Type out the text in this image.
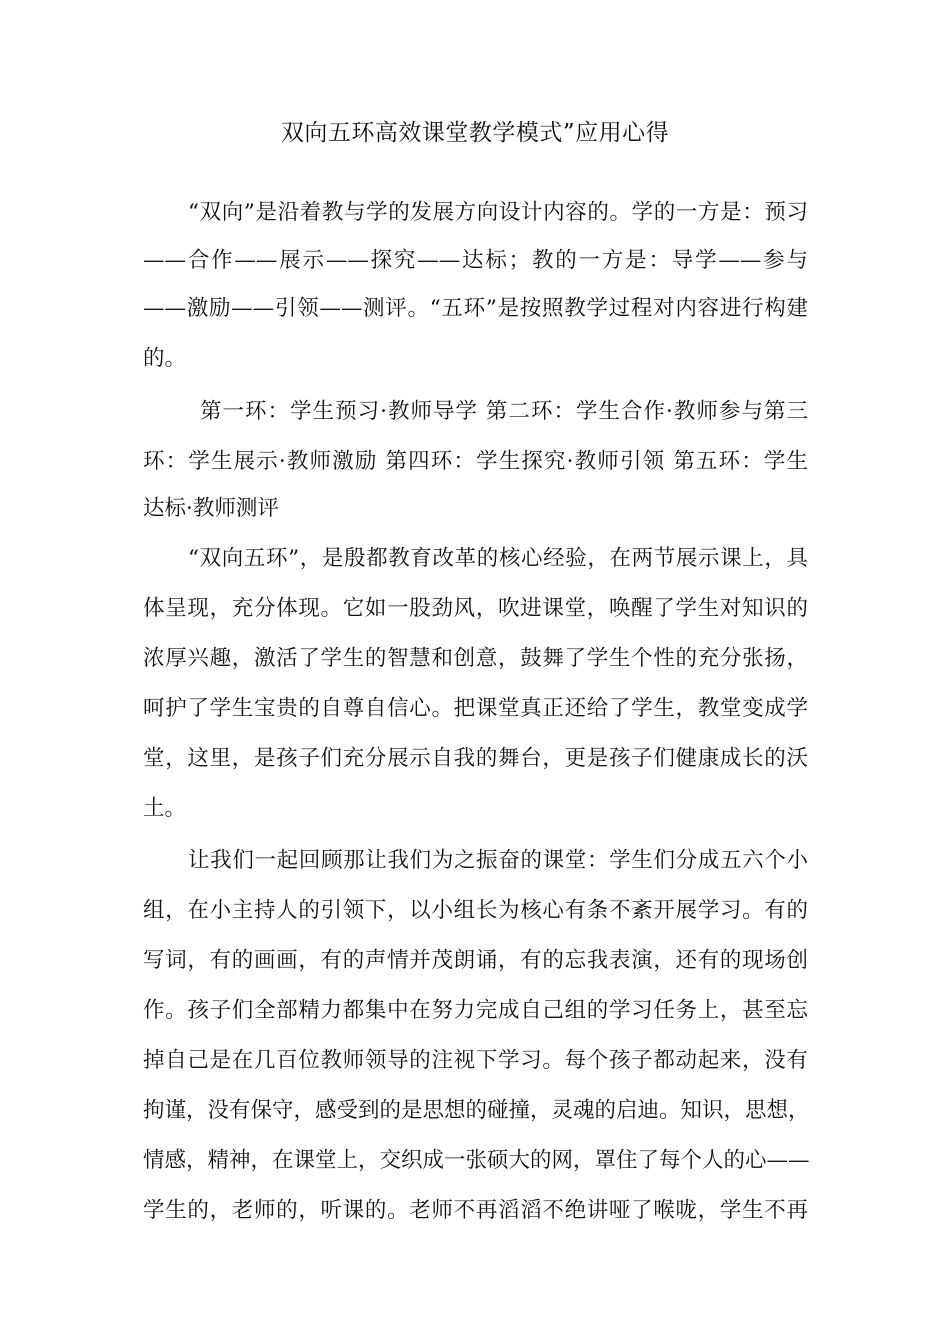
双向五环高效课堂教学模式”应用心得
“双向”是沿着教与学的发展方向设计内容的。学的一方是：预习
——合作——展示——探究——达标；教的一方是：导学——参与
——激励——引领——测评。“五环”是按照教学过程对内容进行构建
的。
第一环：学生预习·教师导学 第二环：学生合作·教师参与第三
环：学生展示·教师激励 第四环：学生探究·教师引领 第五环：学生
达标·教师测评
“双向五环”，是殷都教育改革的核心经验，在两节展示课上，具
体呈现，充分体现。它如一股劲风，吹进课堂，唤醒了学生对知识的
浓厚兴趣，激活了学生的智慧和创意，鼓舞了学生个性的充分张扬，
呵护了学生宝贵的自尊自信心。把课堂真正还给了学生，教堂变成学
堂，这里，是孩子们充分展示自我的舞台，更是孩子们健康成长的沃
土。
让我们一起回顾那让我们为之振奋的课堂：学生们分成五六个小
组，在小主持人的引领下，以小组长为核心有条不紊开展学习。有的
写词，有的画画，有的声情并茂朗诵，有的忘我表演，还有的现场创
作。孩子们全部精力都集中在努力完成自己组的学习任务上，甚至忘
掉自己是在几百位教师领导的注视下学习。每个孩子都动起来，没有
拘谨，没有保守，感受到的是思想的碰撞，灵魂的启迪。知识，思想，
情感，精神，在课堂上，交织成一张硕大的网，罩住了每个人的心——
学生的，老师的，听课的。老师不再滔滔不绝讲哑了喉咙，学生不再
